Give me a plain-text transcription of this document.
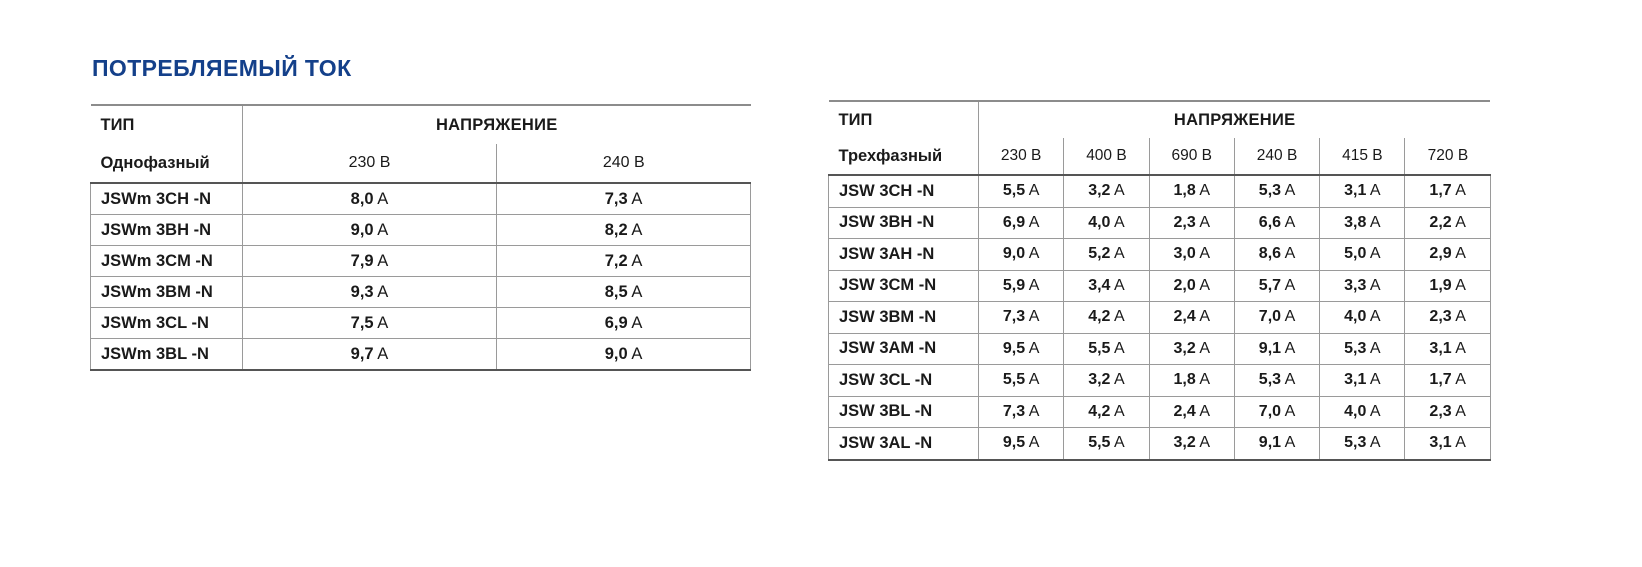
ПОТРЕБЛЯЕМЫЙ ТОК
ТИП	НАПРЯЖЕНИЕ	
Однофазный	230 В	240 В
JSWm 3CH -N	8,0 A	7,3 A
JSWm 3BH -N	9,0 A	8,2 A
JSWm 3CM -N	7,9 A	7,2 A
JSWm 3BM -N	9,3 A	8,5 A
JSWm 3CL -N	7,5 A	6,9 A
JSWm 3BL -N	9,7 A	9,0 A
ТИП	НАПРЯЖЕНИЕ					
Трехфазный	230 В	400 В	690 В	240 В	415 В	720 В
JSW 3CH -N	5,5 A	3,2 A	1,8 A	5,3 A	3,1 A	1,7 A
JSW 3BH -N	6,9 A	4,0 A	2,3 A	6,6 A	3,8 A	2,2 A
JSW 3AH -N	9,0 A	5,2 A	3,0 A	8,6 A	5,0 A	2,9 A
JSW 3CM -N	5,9 A	3,4 A	2,0 A	5,7 A	3,3 A	1,9 A
JSW 3BM -N	7,3 A	4,2 A	2,4 A	7,0 A	4,0 A	2,3 A
JSW 3AM -N	9,5 A	5,5 A	3,2 A	9,1 A	5,3 A	3,1 A
JSW 3CL -N	5,5 A	3,2 A	1,8 A	5,3 A	3,1 A	1,7 A
JSW 3BL -N	7,3 A	4,2 A	2,4 A	7,0 A	4,0 A	2,3 A
JSW 3AL -N	9,5 A	5,5 A	3,2 A	9,1 A	5,3 A	3,1 A
